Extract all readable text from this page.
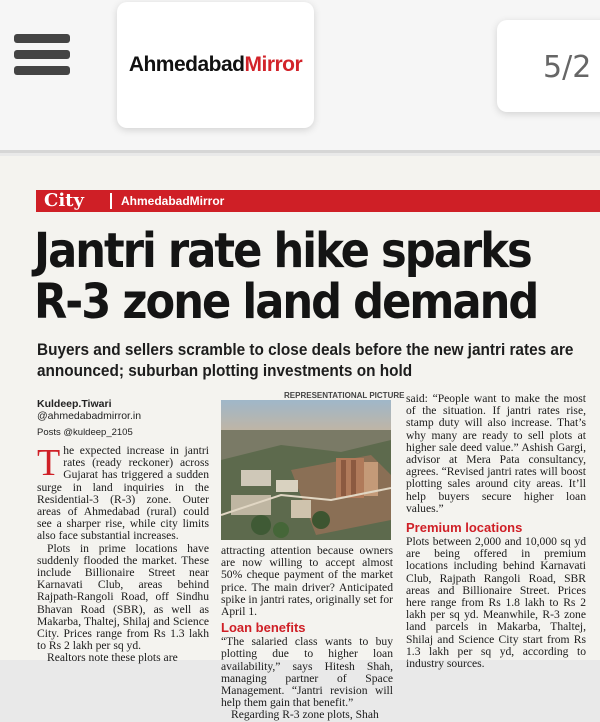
AhmedabadMirror	5/2
City	AhmedabadMirror
Jantri rate hike sparks
R-3 zone land demand
Buyers and sellers scramble to close deals before the new jantri rates are announced; suburban plotting investments on hold
Kuldeep.Tiwari
@ahmedabadmirror.in
Posts @kuldeep_2105

The expected increase in jantri rates (ready reckoner) across Gujarat has triggered a sudden surge in land inquiries in the Residential-3 (R-3) zone. Outer areas of Ahmedabad (rural) could see a sharper rise, while city limits also face substantial increases.

Plots in prime locations have suddenly flooded the market. These include Billionaire Street near Karnavati Club, areas behind Rajpath-Rangoli Road, off Sindhu Bhavan Road (SBR), as well as Makarba, Thaltej, Shilaj and Science City. Prices range from Rs 1.3 lakh to Rs 2 lakh per sq yd.

Realtors note these plots are

REPRESENTATIONAL PICTURE

attracting attention because owners are now willing to accept almost 50% cheque payment of the market price. The main driver? Anticipated spike in jantri rates, originally set for April 1.

Loan benefits

“The salaried class wants to buy plotting due to higher loan availability,” says Hitesh Shah, managing partner of Space Management. “Jantri revision will help them gain that benefit.”

Regarding R-3 zone plots, Shah

said: “People want to make the most of the situation. If jantri rates rise, stamp duty will also increase. That’s why many are ready to sell plots at higher sale deed value.” Ashish Gargi, advisor at Mera Pata consultancy, agrees. “Revised jantri rates will boost plotting sales around city areas. It’ll help buyers secure higher loan values.”

Premium locations

Plots between 2,000 and 10,000 sq yd are being offered in premium locations including behind Karnavati Club, Rajpath Rangoli Road, SBR areas and Billionaire Street. Prices here range from Rs 1.8 lakh to Rs 2 lakh per sq yd. Meanwhile, R-3 zone land parcels in Makarba, Thaltej, Shilaj and Science City start from Rs 1.3 lakh per sq yd, according to industry sources.
